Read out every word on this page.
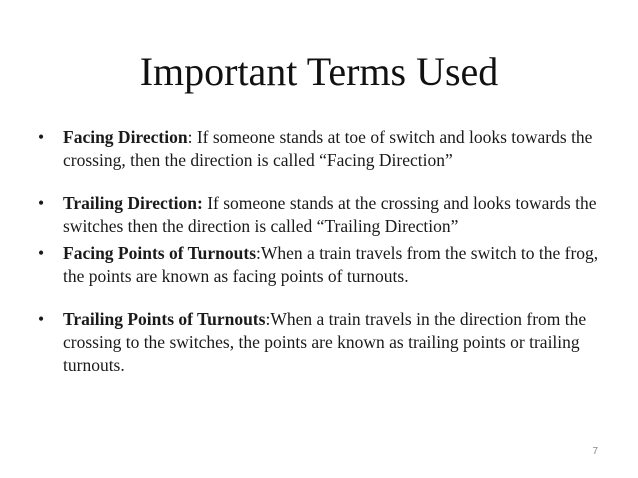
Important Terms Used
• Facing Direction: If someone stands at toe of switch and looks towards the crossing, then the direction is called “Facing Direction”
• Trailing Direction: If someone stands at the crossing and looks towards the switches then the direction is called “Trailing Direction”
• Facing Points of Turnouts:When a train travels from the switch to the frog, the points are known as facing points of turnouts.
• Trailing Points of Turnouts:When a train travels in the direction from the crossing to the switches, the points are known as trailing points or trailing turnouts.
7
